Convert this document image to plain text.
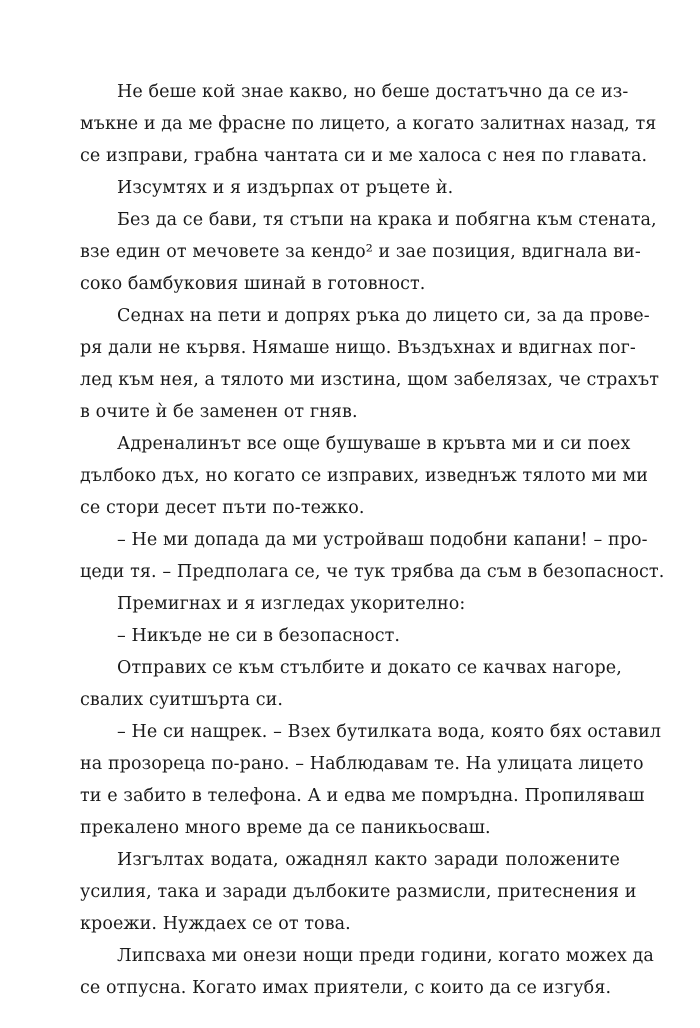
Не беше кой знае какво, но беше достатъчно да се из-
мъкне и да ме фрасне по лицето, а когато залитнах назад, тя
се изправи, грабна чантата си и ме халоса с нея по главата.
Изсумтях и я издърпах от ръцете ѝ.
Без да се бави, тя стъпи на крака и побягна към стената,
взе един от мечовете за кендо² и зае позиция, вдигнала ви-
соко бамбуковия шинай в готовност.
Седнах на пети и допрях ръка до лицето си, за да прове-
ря дали не кървя. Нямаше нищо. Въздъхнах и вдигнах пог-
лед към нея, а тялото ми изстина, щом забелязах, че страхът
в очите ѝ бе заменен от гняв.
Адреналинът все още бушуваше в кръвта ми и си поех
дълбоко дъх, но когато се изправих, изведнъж тялото ми ми
се стори десет пъти по-тежко.
– Не ми допада да ми устройваш подобни капани! – про-
цеди тя. – Предполага се, че тук трябва да съм в безопасност.
Премигнах и я изгледах укорително:
– Никъде не си в безопасност.
Отправих се към стълбите и докато се качвах нагоре,
свалих суитшърта си.
– Не си нащрек. – Взех бутилката вода, която бях оставил
на прозореца по-рано. – Наблюдавам те. На улицата лицето
ти е забито в телефона. А и едва ме помръдна. Пропиляваш
прекалено много време да се паникьосваш.
Изгълтах водата, ожаднял както заради положените
усилия, така и заради дълбоките размисли, притеснения и
кроежи. Нуждаех се от това.
Липсваха ми онези нощи преди години, когато можех да
се отпусна. Когато имах приятели, с които да се изгубя.
